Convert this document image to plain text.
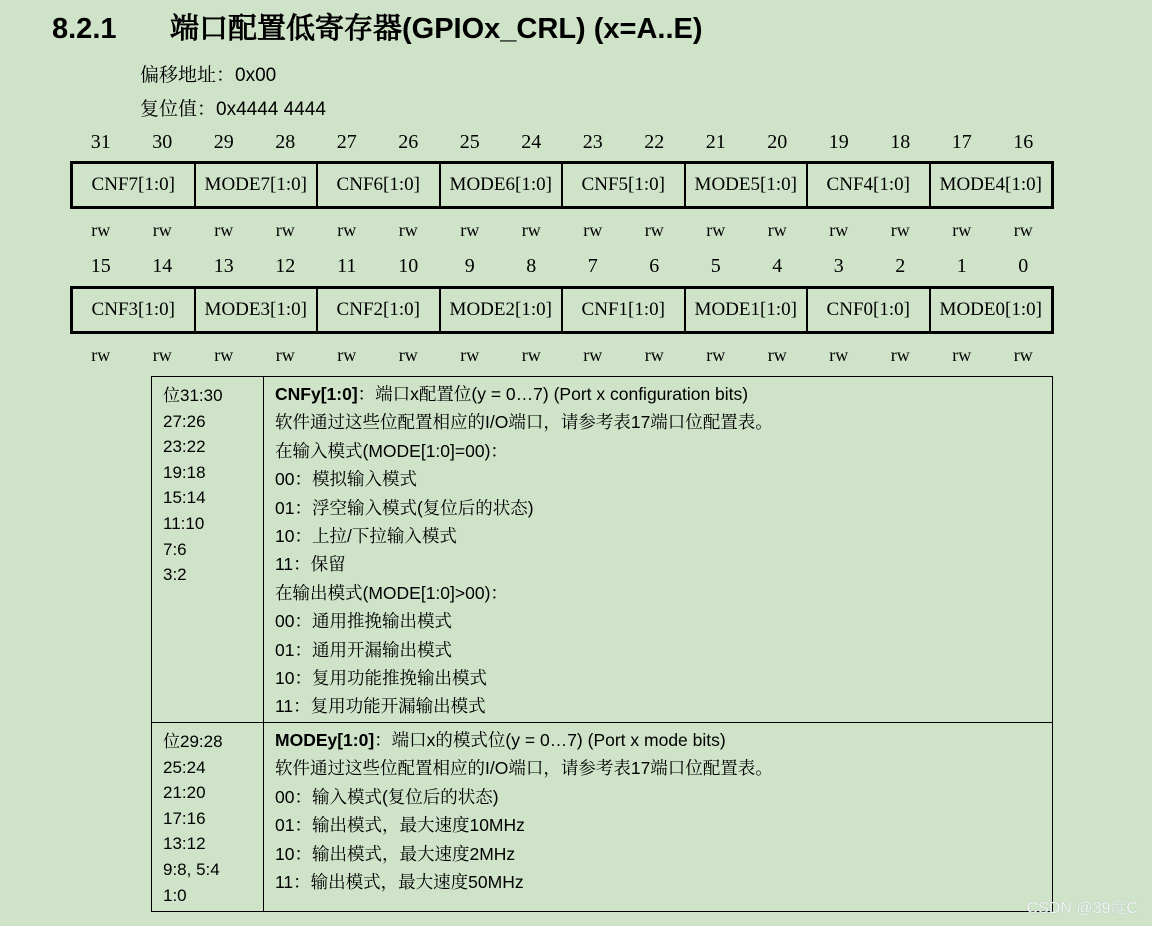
8.2.1 端口配置低寄存器(GPIOx_CRL) (x=A..E)
偏移地址：0x00
复位值：0x4444 4444
31	30	29	28	27	26	25	24	23	22	21	20	19	18	17	16
CNF7[1:0]	MODE7[1:0]	CNF6[1:0]	MODE6[1:0]	CNF5[1:0]	MODE5[1:0]	CNF4[1:0]	MODE4[1:0]
rw	rw	rw	rw	rw	rw	rw	rw	rw	rw	rw	rw	rw	rw	rw	rw
15	14	13	12	11	10	9	8	7	6	5	4	3	2	1	0
CNF3[1:0]	MODE3[1:0]	CNF2[1:0]	MODE2[1:0]	CNF1[1:0]	MODE1[1:0]	CNF0[1:0]	MODE0[1:0]
rw	rw	rw	rw	rw	rw	rw	rw	rw	rw	rw	rw	rw	rw	rw	rw
位31:30
27:26
23:22
19:18
15:14
11:10
7:6
3:2
CNFy[1:0]：端口x配置位(y = 0…7) (Port x configuration bits)
软件通过这些位配置相应的I/O端口，请参考表17端口位配置表。
在输入模式(MODE[1:0]=00)：
00：模拟输入模式
01：浮空输入模式(复位后的状态)
10：上拉/下拉输入模式
11：保留
在输出模式(MODE[1:0]>00)：
00：通用推挽输出模式
01：通用开漏输出模式
10：复用功能推挽输出模式
11：复用功能开漏输出模式
位29:28
25:24
21:20
17:16
13:12
9:8, 5:4
1:0
MODEy[1:0]：端口x的模式位(y = 0…7) (Port x mode bits)
软件通过这些位配置相应的I/O端口，请参考表17端口位配置表。
00：输入模式(复位后的状态)
01：输出模式，最大速度10MHz
10：输出模式，最大速度2MHz
11：输出模式，最大速度50MHz
CSDN @39度C
